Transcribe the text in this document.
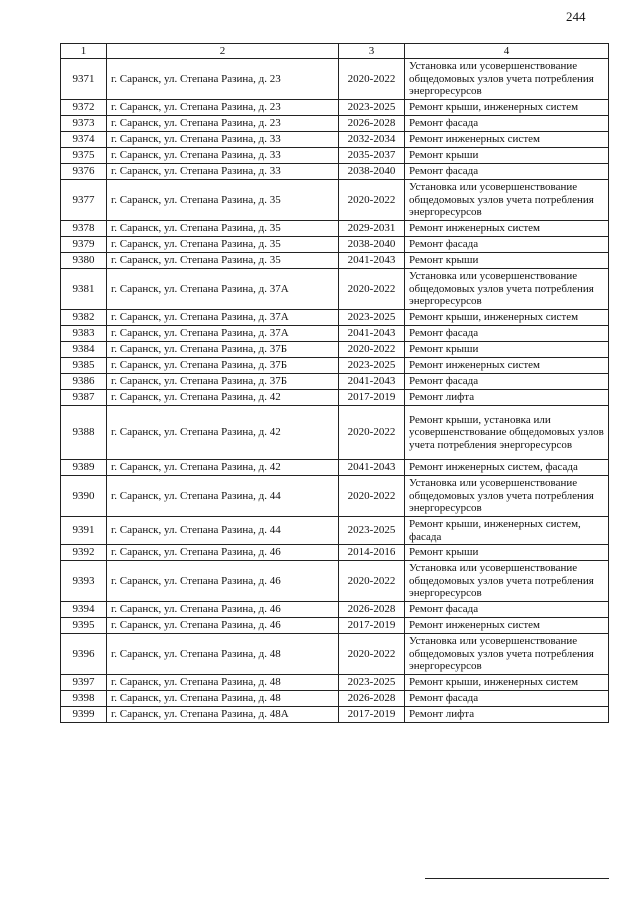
244
1	2	3	4
9371	г. Саранск, ул. Степана Разина, д. 23	2020-2022	Установка или усовершенствование общедомовых узлов учета потребления энергоресурсов
9372	г. Саранск, ул. Степана Разина, д. 23	2023-2025	Ремонт крыши, инженерных систем
9373	г. Саранск, ул. Степана Разина, д. 23	2026-2028	Ремонт фасада
9374	г. Саранск, ул. Степана Разина, д. 33	2032-2034	Ремонт инженерных систем
9375	г. Саранск, ул. Степана Разина, д. 33	2035-2037	Ремонт крыши
9376	г. Саранск, ул. Степана Разина, д. 33	2038-2040	Ремонт фасада
9377	г. Саранск, ул. Степана Разина, д. 35	2020-2022	Установка или усовершенствование общедомовых узлов учета потребления энергоресурсов
9378	г. Саранск, ул. Степана Разина, д. 35	2029-2031	Ремонт инженерных систем
9379	г. Саранск, ул. Степана Разина, д. 35	2038-2040	Ремонт фасада
9380	г. Саранск, ул. Степана Разина, д. 35	2041-2043	Ремонт крыши
9381	г. Саранск, ул. Степана Разина, д. 37А	2020-2022	Установка или усовершенствование общедомовых узлов учета потребления энергоресурсов
9382	г. Саранск, ул. Степана Разина, д. 37А	2023-2025	Ремонт крыши, инженерных систем
9383	г. Саранск, ул. Степана Разина, д. 37А	2041-2043	Ремонт фасада
9384	г. Саранск, ул. Степана Разина, д. 37Б	2020-2022	Ремонт крыши
9385	г. Саранск, ул. Степана Разина, д. 37Б	2023-2025	Ремонт инженерных систем
9386	г. Саранск, ул. Степана Разина, д. 37Б	2041-2043	Ремонт фасада
9387	г. Саранск, ул. Степана Разина, д. 42	2017-2019	Ремонт лифта
9388	г. Саранск, ул. Степана Разина, д. 42	2020-2022	Ремонт крыши, установка или усовершенствование общедомовых узлов учета потребления энергоресурсов
9389	г. Саранск, ул. Степана Разина, д. 42	2041-2043	Ремонт инженерных систем, фасада
9390	г. Саранск, ул. Степана Разина, д. 44	2020-2022	Установка или усовершенствование общедомовых узлов учета потребления энергоресурсов
9391	г. Саранск, ул. Степана Разина, д. 44	2023-2025	Ремонт крыши, инженерных систем, фасада
9392	г. Саранск, ул. Степана Разина, д. 46	2014-2016	Ремонт крыши
9393	г. Саранск, ул. Степана Разина, д. 46	2020-2022	Установка или усовершенствование общедомовых узлов учета потребления энергоресурсов
9394	г. Саранск, ул. Степана Разина, д. 46	2026-2028	Ремонт фасада
9395	г. Саранск, ул. Степана Разина, д. 46	2017-2019	Ремонт инженерных систем
9396	г. Саранск, ул. Степана Разина, д. 48	2020-2022	Установка или усовершенствование общедомовых узлов учета потребления энергоресурсов
9397	г. Саранск, ул. Степана Разина, д. 48	2023-2025	Ремонт крыши, инженерных систем
9398	г. Саранск, ул. Степана Разина, д. 48	2026-2028	Ремонт фасада
9399	г. Саранск, ул. Степана Разина, д. 48А	2017-2019	Ремонт лифта
